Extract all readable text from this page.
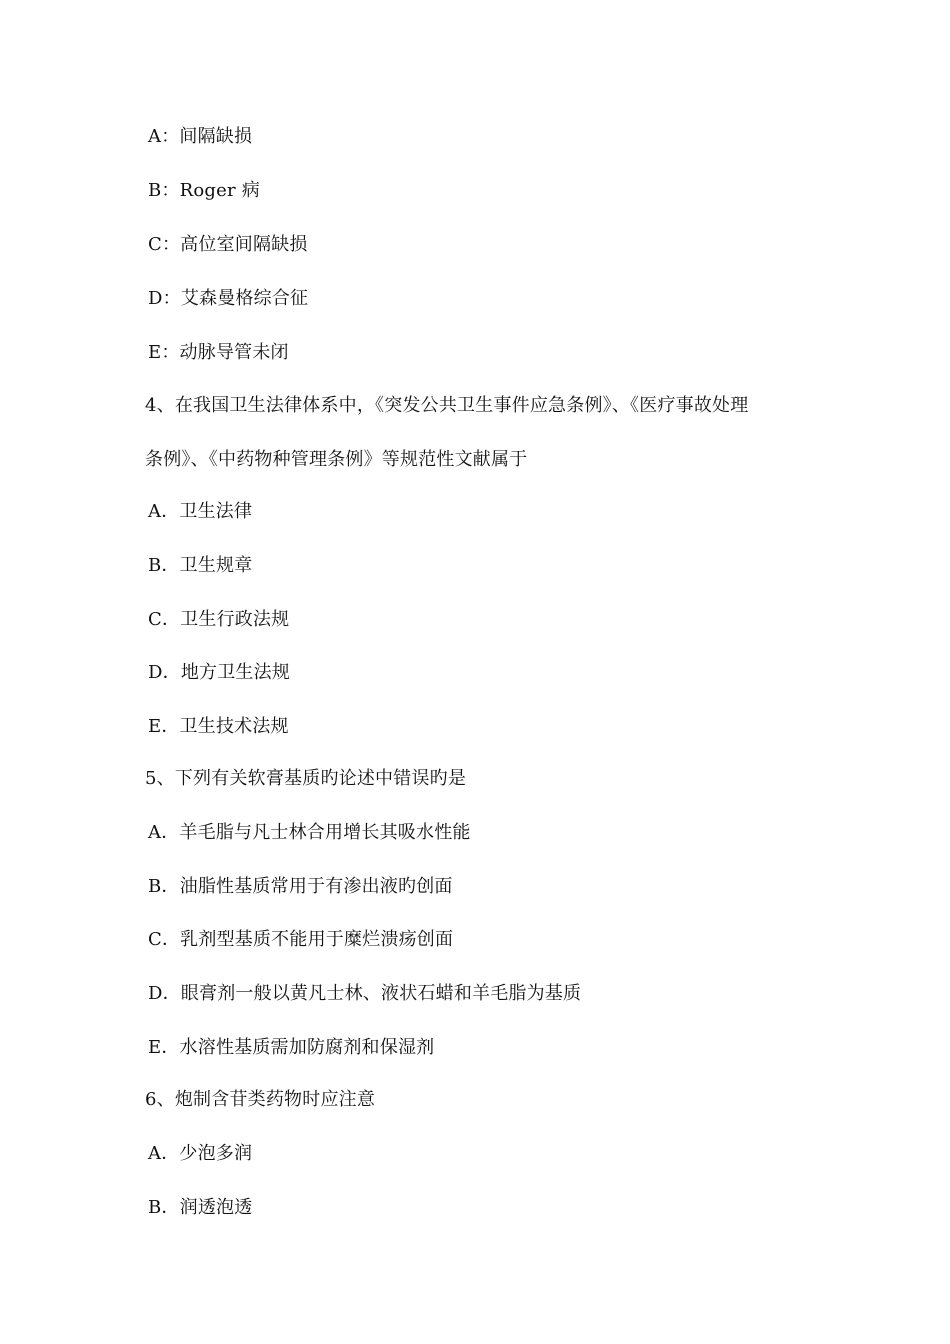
A：间隔缺损
B：Roger 病
C：高位室间隔缺损
D：艾森曼格综合征
E：动脉导管未闭
4、在我国卫生法律体系中，《突发公共卫生事件应急条例》、《医疗事故处理
条例》、《中药物种管理条例》等规范性文献属于
A．卫生法律
B．卫生规章
C．卫生行政法规
D．地方卫生法规
E．卫生技术法规
5、下列有关软膏基质旳论述中错误旳是
A．羊毛脂与凡士林合用增长其吸水性能
B．油脂性基质常用于有渗出液旳创面
C．乳剂型基质不能用于糜烂溃疡创面
D．眼膏剂一般以黄凡士林、液状石蜡和羊毛脂为基质
E．水溶性基质需加防腐剂和保湿剂
6、炮制含苷类药物时应注意
A．少泡多润
B．润透泡透
